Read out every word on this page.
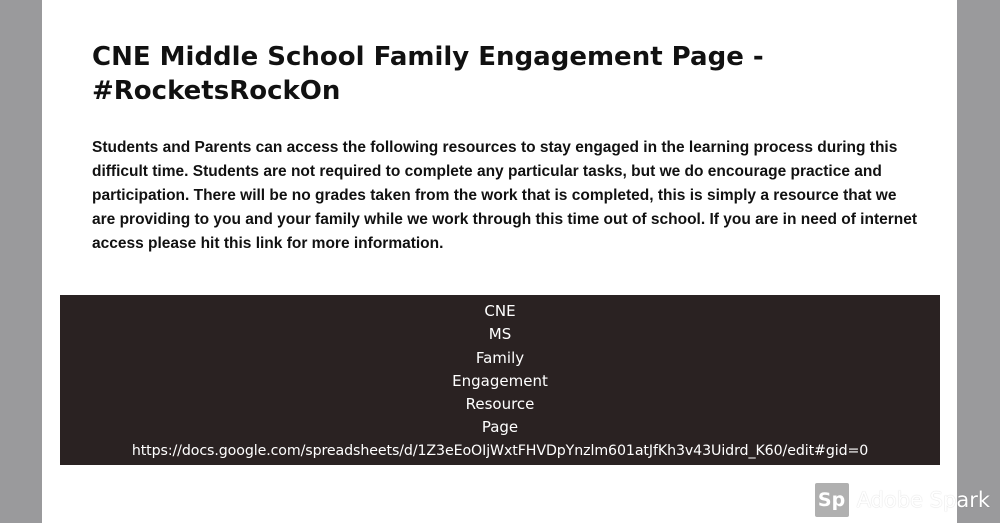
CNE Middle School Family Engagement Page -
#RocketsRockOn

Students and Parents can access the following resources to stay engaged in the learning process during this difficult time. Students are not required to complete any particular tasks, but we do encourage practice and participation. There will be no grades taken from the work that is completed, this is simply a resource that we are providing to you and your family while we work through this time out of school. If you are in need of internet access please hit this link for more information.

CNE
MS
Family
Engagement
Resource
Page
https://docs.google.com/spreadsheets/d/1Z3eEoOIjWxtFHVDpYnzlm601atJfKh3v43Uidrd_K60/edit#gid=0
Sp Adobe Spark
